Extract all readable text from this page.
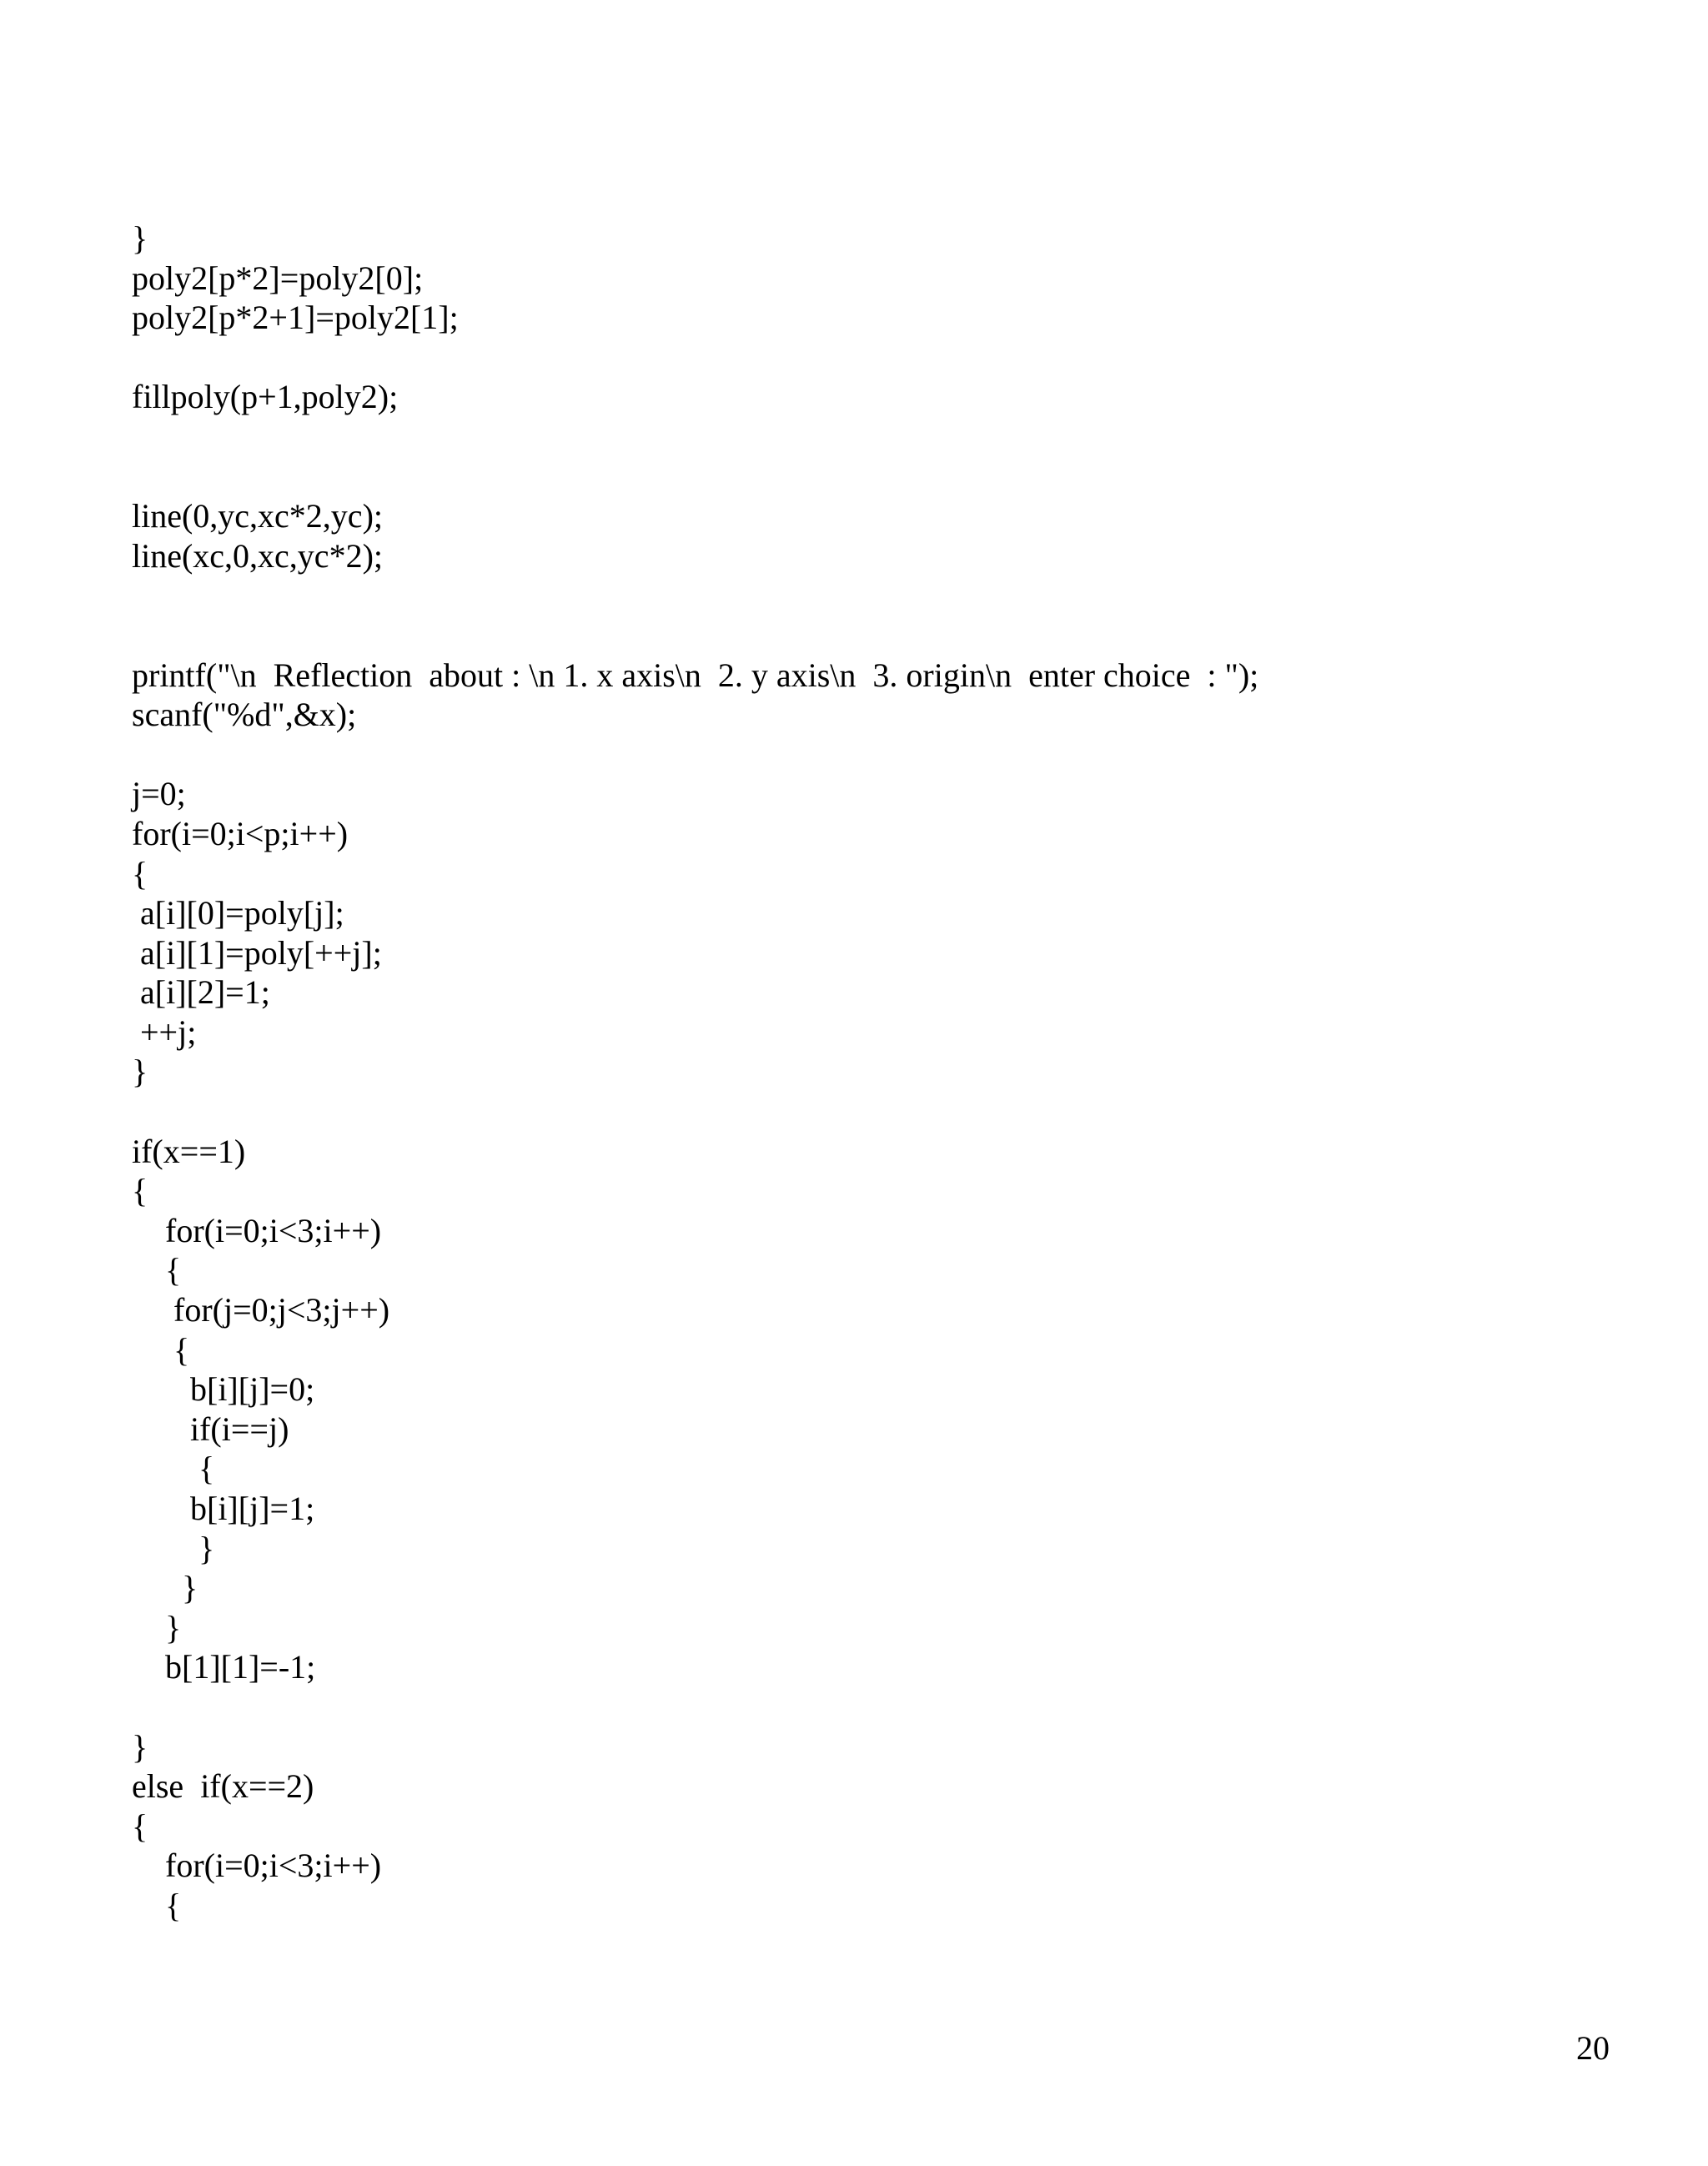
}
poly2[p*2]=poly2[0];
poly2[p*2+1]=poly2[1];
fillpoly(p+1,poly2);
line(0,yc,xc*2,yc);
line(xc,0,xc,yc*2);
printf("\n  Reflection  about : \n 1. x axis\n  2. y axis\n  3. origin\n  enter choice  : ");
scanf("%d",&x);
j=0;
for(i=0;i<p;i++)
{
a[i][0]=poly[j];
a[i][1]=poly[++j];
a[i][2]=1;
++j;
}
if(x==1)
{
for(i=0;i<3;i++)
{
for(j=0;j<3;j++)
{
b[i][j]=0;
if(i==j)
{
b[i][j]=1;
}
}
}
b[1][1]=-1;
}
else  if(x==2)
{
for(i=0;i<3;i++)
{
20
